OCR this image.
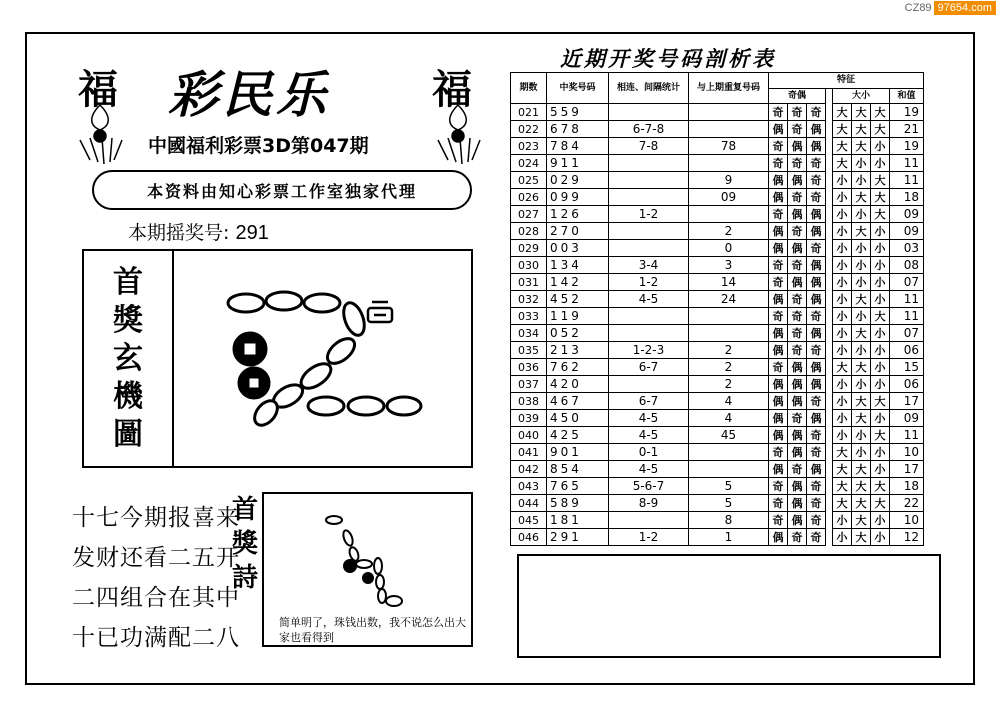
CZ89 97654.com
福	福
彩民乐
中國福利彩票3D第047期
本资料由知心彩票工作室独家代理
本期摇奖号: 291
首
獎
玄
機
圖
十七今期报喜来
发财还看二五开
二四组合在其中
十已功满配二八
首
獎
詩
简单明了，珠钱出数，我不说怎么出大家也看得到
近期开奖号码剖析表
期数	中奖号码	相连、间隔统计	与上期重复号码	特征							
				奇偶				大小			和值
021	559			奇	奇	奇		大	大	大	19
022	678	6-7-8		偶	奇	偶		大	大	大	21
023	784	7-8	78	奇	偶	偶		大	大	小	19
024	911			奇	奇	奇		大	小	小	11
025	029		9	偶	偶	奇		小	小	大	11
026	099		09	偶	奇	奇		小	大	大	18
027	126	1-2		奇	偶	偶		小	小	大	09
028	270		2	偶	奇	偶		小	大	小	09
029	003		0	偶	偶	奇		小	小	小	03
030	134	3-4	3	奇	奇	偶		小	小	小	08
031	142	1-2	14	奇	偶	偶		小	小	小	07
032	452	4-5	24	偶	奇	偶		小	大	小	11
033	119			奇	奇	奇		小	小	大	11
034	052			偶	奇	偶		小	大	小	07
035	213	1-2-3	2	偶	奇	奇		小	小	小	06
036	762	6-7	2	奇	偶	偶		大	大	小	15
037	420		2	偶	偶	偶		小	小	小	06
038	467	6-7	4	偶	偶	奇		小	大	大	17
039	450	4-5	4	偶	奇	偶		小	大	小	09
040	425	4-5	45	偶	偶	奇		小	小	大	11
041	901	0-1		奇	偶	奇		大	小	小	10
042	854	4-5		偶	奇	偶		大	大	小	17
043	765	5-6-7	5	奇	偶	奇		大	大	大	18
044	589	8-9	5	奇	偶	奇		大	大	大	22
045	181		8	奇	偶	奇		小	大	小	10
046	291	1-2	1	偶	奇	奇		小	大	小	12
